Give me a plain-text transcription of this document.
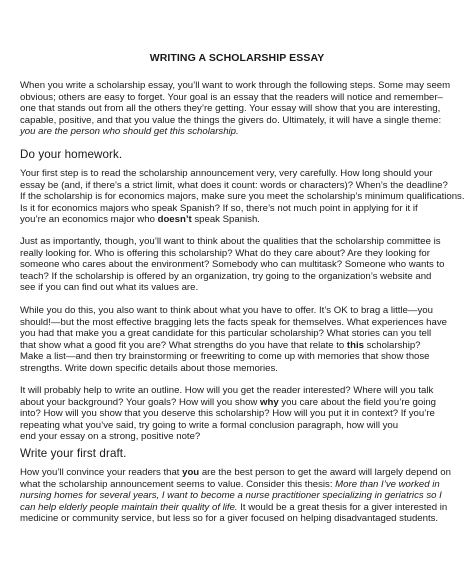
WRITING A SCHOLARSHIP ESSAY
When you write a scholarship essay, you’ll want to work through the following steps. Some may seem
obvious; others are easy to forget. Your goal is an essay that the readers will notice and remember–
one that stands out from all the others they’re getting. Your essay will show that you are interesting,
capable, positive, and that you value the things the givers do. Ultimately, it will have a single theme:
you are the person who should get this scholarship.
Do your homework.
Your first step is to read the scholarship announcement very, very carefully. How long should your
essay be (and, if there’s a strict limit, what does it count: words or characters)? When’s the deadline?
If the scholarship is for economics majors, make sure you meet the scholarship’s minimum qualifications.
Is it for economics majors who speak Spanish? If so, there’s not much point in applying for it if
you’re an economics major who doesn’t speak Spanish.
Just as importantly, though, you’ll want to think about the qualities that the scholarship committee is
really looking for. Who is offering this scholarship? What do they care about? Are they looking for
someone who cares about the environment? Somebody who can multitask? Someone who wants to
teach? If the scholarship is offered by an organization, try going to the organization’s website and
see if you can find out what its values are.
While you do this, you also want to think about what you have to offer. It’s OK to brag a little—you
should!—but the most effective bragging lets the facts speak for themselves. What experiences have
you had that make you a great candidate for this particular scholarship? What stories can you tell
that show what a good fit you are? What strengths do you have that relate to this scholarship?
Make a list—and then try brainstorming or freewriting to come up with memories that show those
strengths. Write down specific details about those memories.
It will probably help to write an outline. How will you get the reader interested? Where will you talk
about your background? Your goals? How will you show why you care about the field you’re going
into? How will you show that you deserve this scholarship? How will you put it in context? If you’re
repeating what you’ve said, try going to write a formal conclusion paragraph, how will you
end your essay on a strong, positive note?
Write your first draft.
How you’ll convince your readers that you are the best person to get the award will largely depend on
what the scholarship announcement seems to value. Consider this thesis: More than I’ve worked in
nursing homes for several years, I want to become a nurse practitioner specializing in geriatrics so I
can help elderly people maintain their quality of life. It would be a great thesis for a giver interested in
medicine or community service, but less so for a giver focused on helping disadvantaged students.
